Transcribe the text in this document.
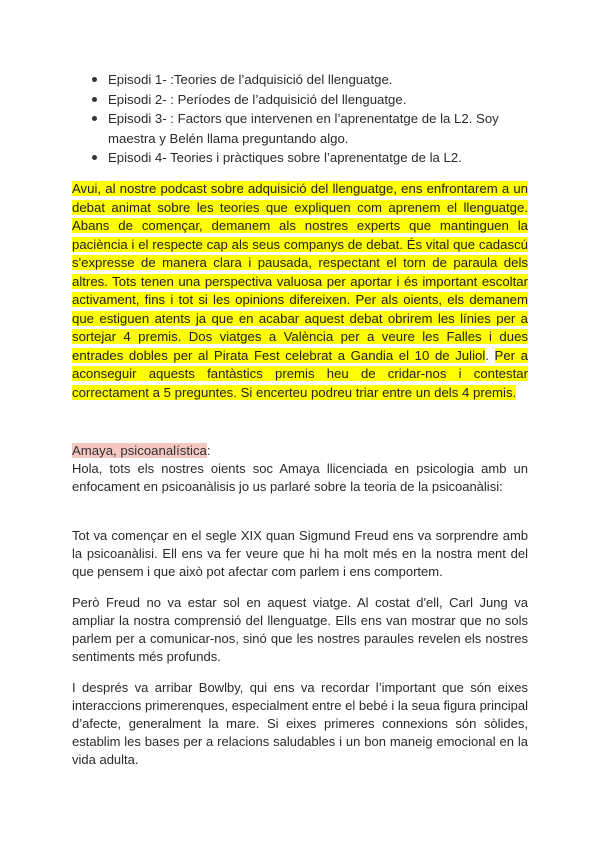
Episodi 1- :Teories de l’adquisició del llenguatge.
Episodi 2- : Períodes de l’adquisició del llenguatge.
Episodi 3- : Factors que intervenen en l’aprenentatge de la L2. Soy maestra y Belén llama preguntando algo.
Episodi 4- Teories i pràctiques sobre l’aprenentatge de la L2.

Avui, al nostre podcast sobre adquisició del llenguatge, ens enfrontarem a un debat animat sobre les teories que expliquen com aprenem el llenguatge. Abans de començar, demanem als nostres experts que mantinguen la paciència i el respecte cap als seus companys de debat. És vital que cadascú s'expresse de manera clara i pausada, respectant el torn de paraula dels altres. Tots tenen una perspectiva valuosa per aportar i és important escoltar activament, fins i tot si les opinions difereixen. Per als oients, els demanem que estiguen atents ja que en acabar aquest debat obrirem les línies per a sortejar 4 premis. Dos viatges a València per a veure les Falles i dues entrades dobles per al Pirata Fest celebrat a Gandia el 10 de Juliol. Per a aconseguir aquests fantàstics premis heu de cridar-nos i contestar correctament a 5 preguntes. Si encerteu podreu triar entre un dels 4 premis.

Amaya, psicoanalística:

Hola, tots els nostres oients soc Amaya llicenciada en psicologia amb un enfocament en psicoanàlisis jo us parlaré sobre la teoria de la psicoanàlisi:

Tot va començar en el segle XIX quan Sigmund Freud ens va sorprendre amb la psicoanàlisi. Ell ens va fer veure que hi ha molt més en la nostra ment del que pensem i que això pot afectar com parlem i ens comportem.

Però Freud no va estar sol en aquest viatge. Al costat d'ell, Carl Jung va ampliar la nostra comprensió del llenguatge. Ells ens van mostrar que no sols parlem per a comunicar-nos, sinó que les nostres paraules revelen els nostres sentiments més profunds.

I després va arribar Bowlby, qui ens va recordar l’important que són eixes interaccions primerenques, especialment entre el bebé i la seua figura principal d’afecte, generalment la mare. Si eixes primeres connexions són sòlides, establim les bases per a relacions saludables i un bon maneig emocional en la vida adulta.
